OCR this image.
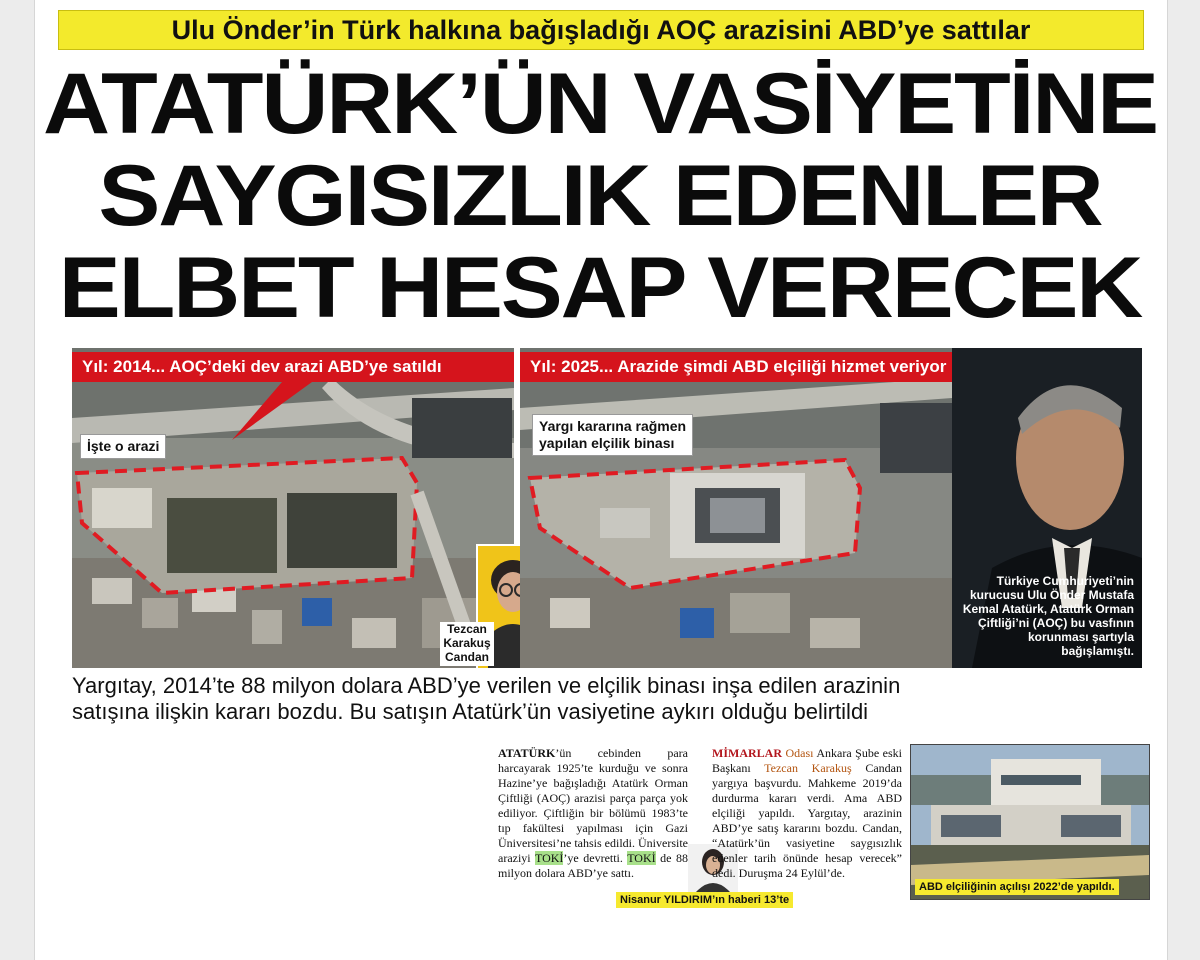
Ulu Önder’in Türk halkına bağışladığı AOÇ arazisini ABD’ye sattılar
ATATÜRK’ÜN VASİYETİNE
SAYGISIZLIK EDENLER
ELBET HESAP VERECEK
Yıl: 2014... AOÇ’deki dev arazi ABD’ye satıldı
İşte o arazi
Tezcan
Karakuş
Candan
Yıl: 2025... Arazide şimdi ABD elçiliği hizmet veriyor
Yargı kararına rağmen
yapılan elçilik binası
Türkiye Cumhuriyeti’nin kurucusu Ulu Önder Mustafa Kemal Atatürk, Atatürk Orman Çiftliği’ni (AOÇ) bu vasfının korunması şartıyla bağışlamıştı.

Yargıtay, 2014’te 88 milyon dolara ABD’ye verilen ve elçilik binası inşa edilen arazinin

satışına ilişkin kararı bozdu. Bu satışın Atatürk’ün vasiyetine aykırı olduğu belirtildi

ATATÜRK’ün cebinden para harcayarak 1925’te kurduğu ve sonra Hazine’ye bağışladığı Atatürk Orman Çiftliği (AOÇ) arazisi parça parça yok ediliyor. Çiftliğin bir bölümü 1983’te tıp fakültesi yapılması için Gazi Üniversitesi’ne tahsis edildi. Üniversite araziyi TOKİ’ye devretti. TOKİ de 88 milyon dolara ABD’ye sattı.
Nisanur YILDIRIM’ın haberi 13’te
MİMARLAR Odası Ankara Şube eski Başkanı Tezcan Karakuş Candan yargıya başvurdu. Mahkeme 2019’da durdurma kararı verdi. Ama ABD elçiliği yapıldı. Yargıtay, arazinin ABD’ye satış kararını bozdu. Candan, “Atatürk’ün vasiyetine saygısızlık edenler tarih önünde hesap verecek” dedi. Duruşma 24 Eylül’de.
ABD elçiliğinin açılışı 2022’de yapıldı.
